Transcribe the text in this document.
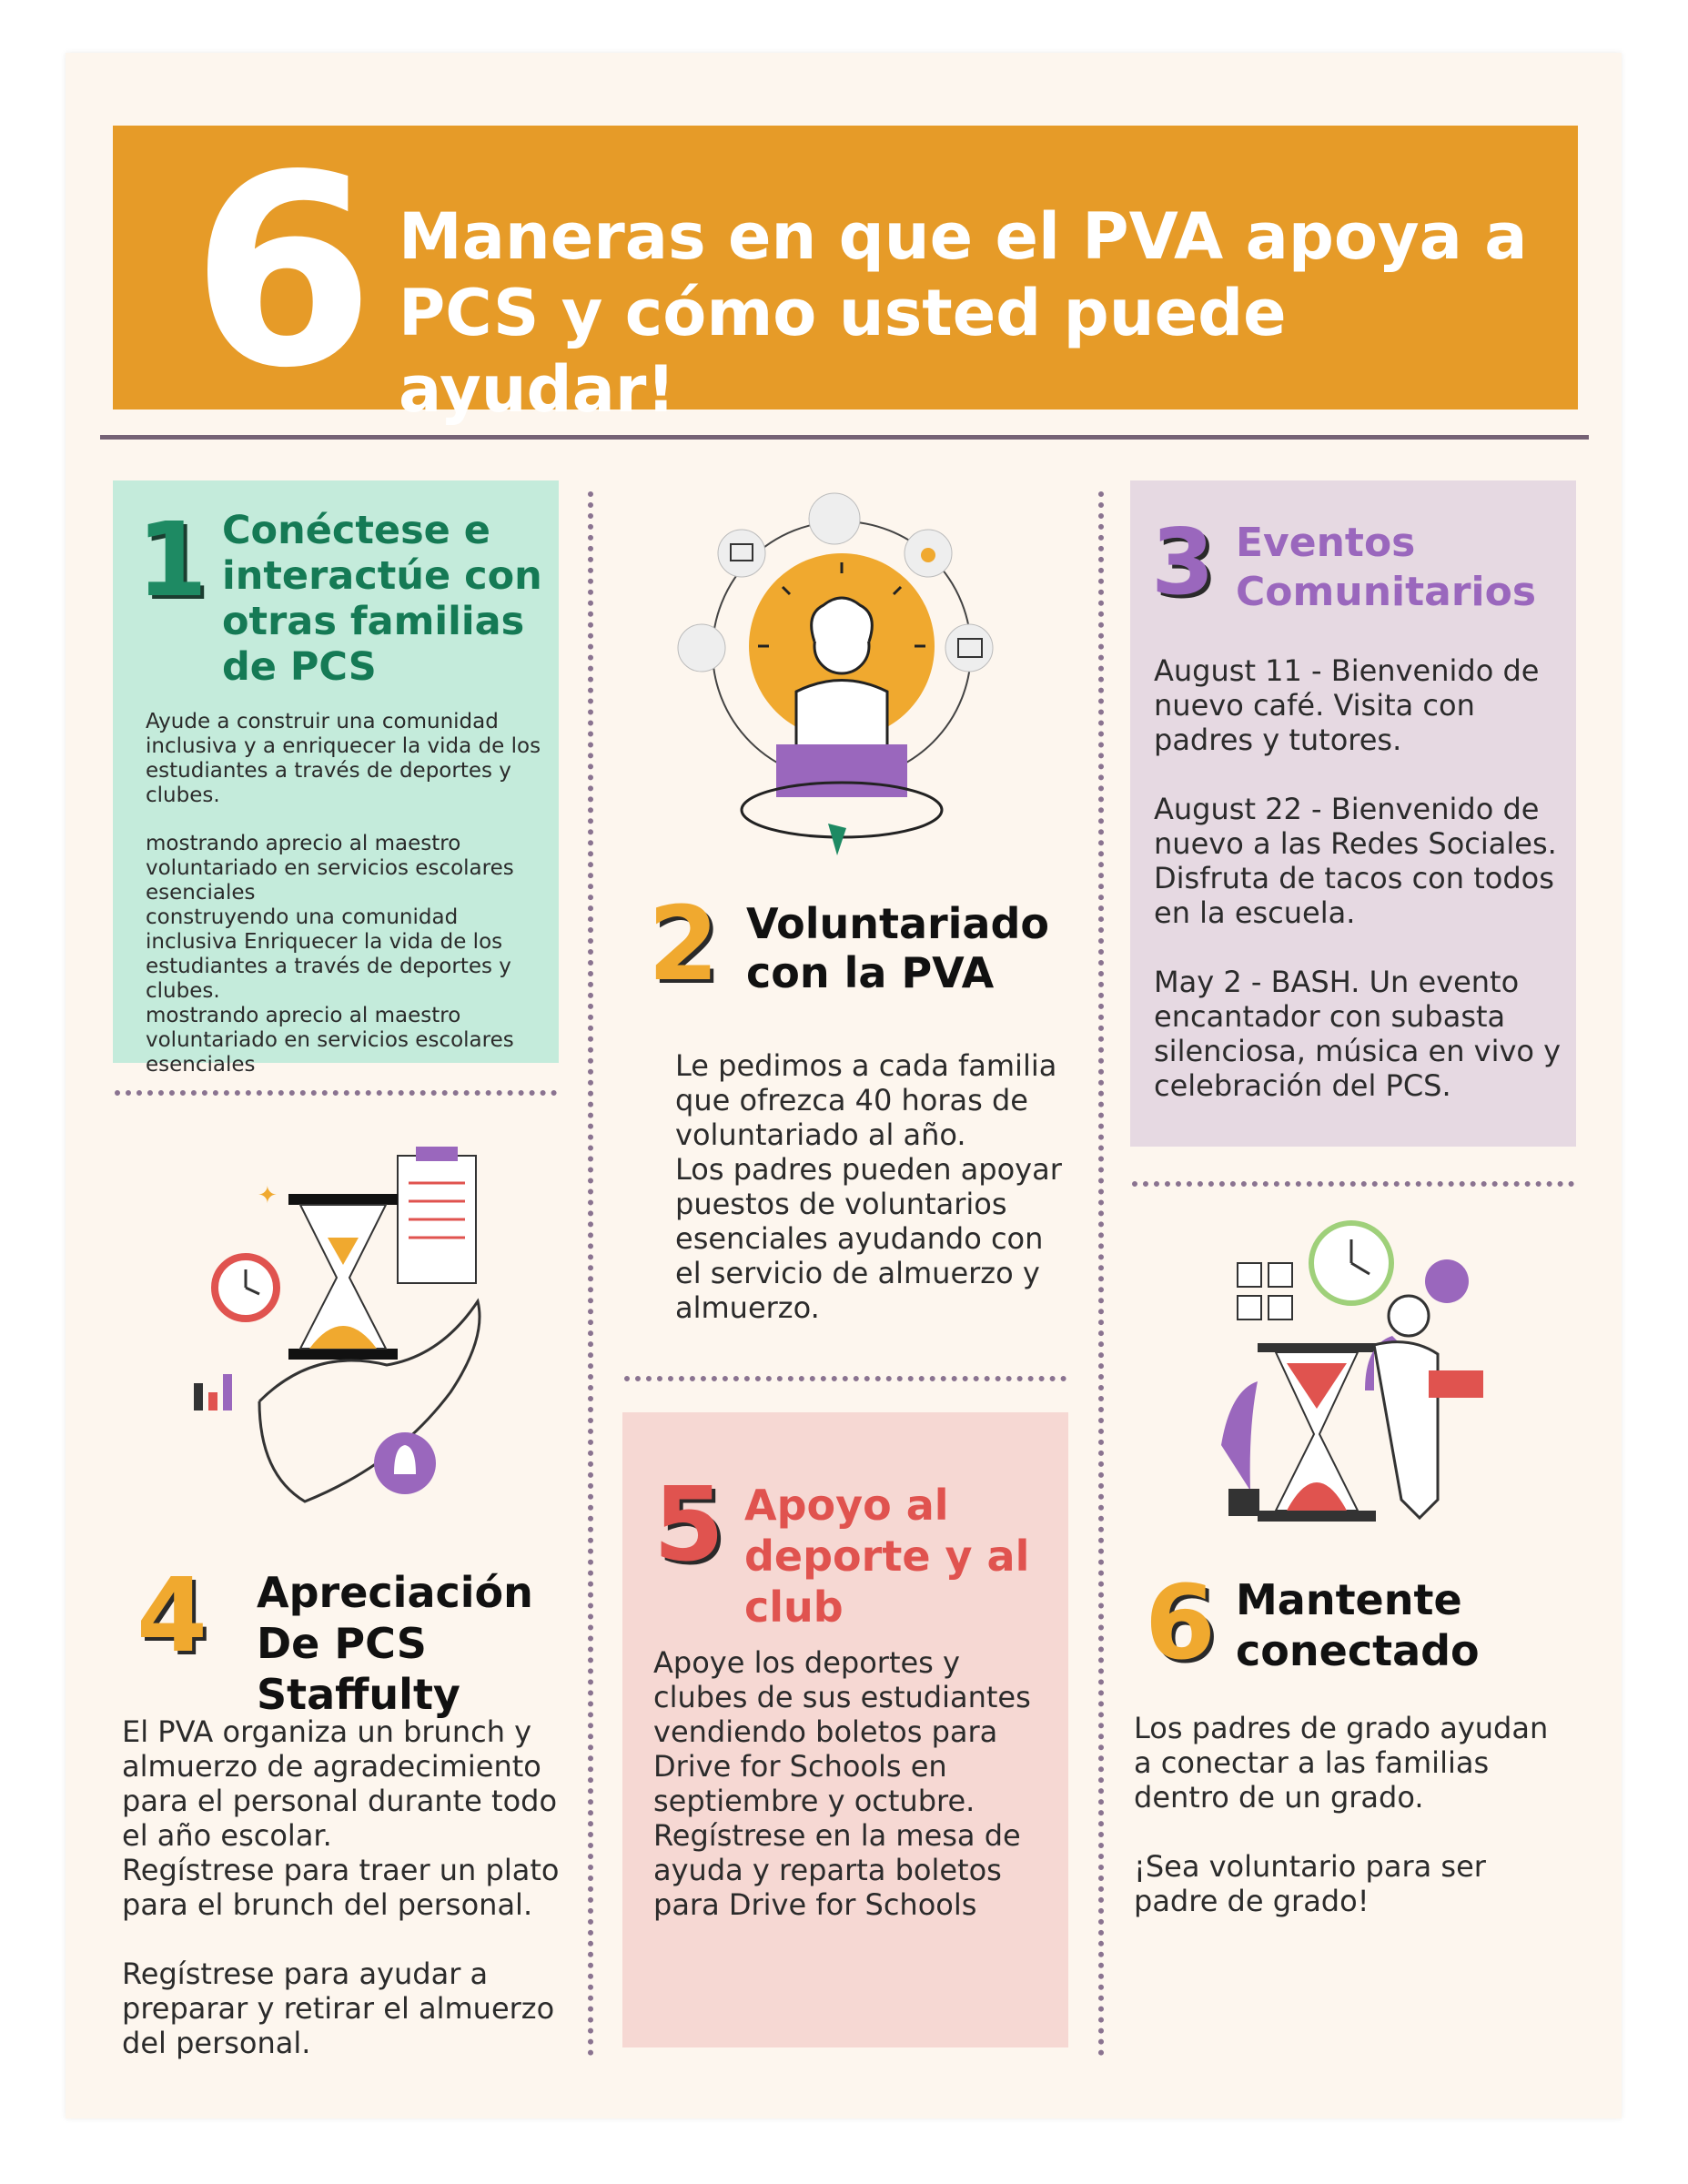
6 Maneras en que el PVA apoya a PCS y cómo usted puede ayudar!
1 Conéctese e interactúe con otras familias de PCS
Ayude a construir una comunidad inclusiva y a enriquecer la vida de los estudiantes a través de deportes y clubes.
mostrando aprecio al maestro voluntariado en servicios escolares esenciales
construyendo una comunidad inclusiva Enriquecer la vida de los estudiantes a través de deportes y clubes.
mostrando aprecio al maestro voluntariado en servicios escolares esenciales
2 Voluntariado con la PVA
Le pedimos a cada familia que ofrezca 40 horas de voluntariado al año.
Los padres pueden apoyar puestos de voluntarios esenciales ayudando con el servicio de almuerzo y almuerzo.
3 Eventos Comunitarios
August 11 - Bienvenido de nuevo café. Visita con padres y tutores.
August 22 - Bienvenido de nuevo a las Redes Sociales. Disfruta de tacos con todos en la escuela.
May 2 - BASH. Un evento encantador con subasta silenciosa, música en vivo y celebración del PCS.
✦
4 Apreciación
De PCS
Staffulty
El PVA organiza un brunch y almuerzo de agradecimiento para el personal durante todo el año escolar.
Regístrese para traer un plato para el brunch del personal.

Regístrese para ayudar a preparar y retirar el almuerzo del personal.
5 Apoyo al deporte y al club
Apoye los deportes y clubes de sus estudiantes vendiendo boletos para Drive for Schools en septiembre y octubre.
Regístrese en la mesa de ayuda y reparta boletos para Drive for Schools
6 Mantente conectado
Los padres de grado ayudan a conectar a las familias dentro de un grado.

¡Sea voluntario para ser padre de grado!
